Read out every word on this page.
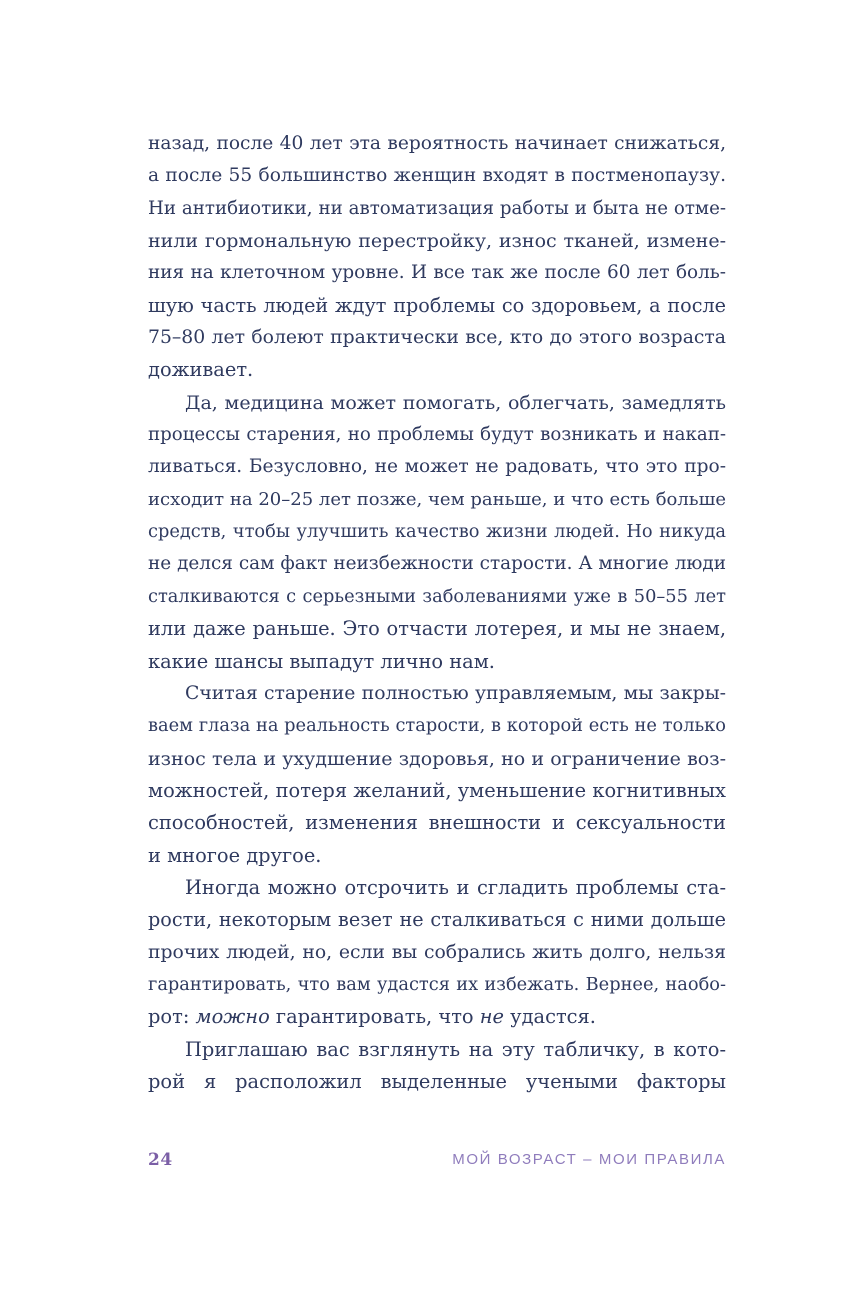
назад, после 40 лет эта вероятность начинает снижаться,
а после 55 большинство женщин входят в постменопаузу.
Ни антибиотики, ни автоматизация работы и быта не отме-
нили гормональную перестройку, износ тканей, измене-
ния на клеточном уровне. И все так же после 60 лет боль-
шую часть людей ждут проблемы со здоровьем, а после
75–80 лет болеют практически все, кто до этого возраста
доживает.
Да, медицина может помогать, облегчать, замедлять
процессы старения, но проблемы будут возникать и накап-
ливаться. Безусловно, не может не радовать, что это про-
исходит на 20–25 лет позже, чем раньше, и что есть больше
средств, чтобы улучшить качество жизни людей. Но никуда
не делся сам факт неизбежности старости. А многие люди
сталкиваются с серьезными заболеваниями уже в 50–55 лет
или даже раньше. Это отчасти лотерея, и мы не знаем,
какие шансы выпадут лично нам.
Считая старение полностью управляемым, мы закры-
ваем глаза на реальность старости, в которой есть не только
износ тела и ухудшение здоровья, но и ограничение воз-
можностей, потеря желаний, уменьшение когнитивных
способностей, изменения внешности и сексуальности
и многое другое.
Иногда можно отсрочить и сгладить проблемы ста-
рости, некоторым везет не сталкиваться с ними дольше
прочих людей, но, если вы собрались жить долго, нельзя
гарантировать, что вам удастся их избежать. Вернее, наобо-
рот: можно гарантировать, что не удастся.
Приглашаю вас взглянуть на эту табличку, в кото-
рой я расположил выделенные учеными факторы
24	МОЙ ВОЗРАСТ – МОИ ПРАВИЛА
